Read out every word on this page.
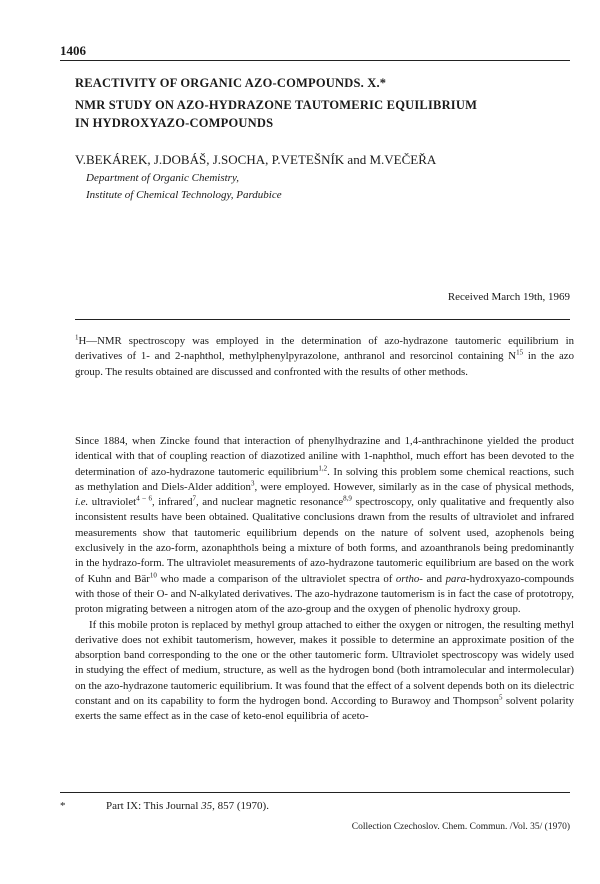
1406
REACTIVITY OF ORGANIC AZO-COMPOUNDS. X.*
NMR STUDY ON AZO-HYDRAZONE TAUTOMERIC EQUILIBRIUM
IN HYDROXYAZO-COMPOUNDS
V.BEKÁREK, J.DOBÁŠ, J.SOCHA, P.VETEŠNÍK and M.VEČEŘA
Department of Organic Chemistry,
Institute of Chemical Technology, Pardubice
Received March 19th, 1969
$^1$H—NMR spectroscopy was employed in the determination of azo-hydrazone tautomeric equilibrium in derivatives of 1- and 2-naphthol, methylphenylpyrazolone, anthranol and resorcinol containing $N^{15}$ in the azo group. The results obtained are discussed and confronted with the results of other methods.

Since 1884, when Zincke found that interaction of phenylhydrazine and 1,4-anthrachinone yielded the product identical with that of coupling reaction of diazotized aniline with 1-naphthol, much effort has been devoted to the determination of azo-hydrazone tautomeric equilibrium$^{1,2}$. In solving this problem some chemical reactions, such as methylation and Diels-Alder addition$^3$, were employed. However, similarly as in the case of physical methods, i.e. ultraviolet$^{4 - 6}$, infrared$^7$, and nuclear magnetic resonance$^{8,9}$ spectroscopy, only qualitative and frequently also inconsistent results have been obtained. Qualitative conclusions drawn from the results of ultraviolet and infrared measurements show that tautomeric equilibrium depends on the nature of solvent used, azophenols being exclusively in the azo-form, azonaphthols being a mixture of both forms, and azoanthranols being predominantly in the hydrazo-form. The ultraviolet measurements of azo-hydrazone tautomeric equilibrium are based on the work of Kuhn and Bär$^{10}$ who made a comparison of the ultraviolet spectra of ortho- and para-hydroxyazo-compounds with those of their O- and N-alkylated derivatives. The azo-hydrazone tautomerism is in fact the case of prototropy, proton migrating between a nitrogen atom of the azo-group and the oxygen of phenolic hydroxy group.

If this mobile proton is replaced by methyl group attached to either the oxygen or nitrogen, the resulting methyl derivative does not exhibit tautomerism, however, makes it possible to determine an approximate position of the absorption band corresponding to the one or the other tautomeric form. Ultraviolet spectroscopy was widely used in studying the effect of medium, structure, as well as the hydrogen bond (both intramolecular and intermolecular) on the azo-hydrazone tautomeric equilibrium. It was found that the effect of a solvent depends both on its dielectric constant and on its capability to form the hydrogen bond. According to Burawoy and Thompson$^5$ solvent polarity exerts the same effect as in the case of keto-enol equilibria of aceto-

*	Part IX: This Journal 35, 857 (1970).
Collection Czechoslov. Chem. Commun. /Vol. 35/ (1970)
